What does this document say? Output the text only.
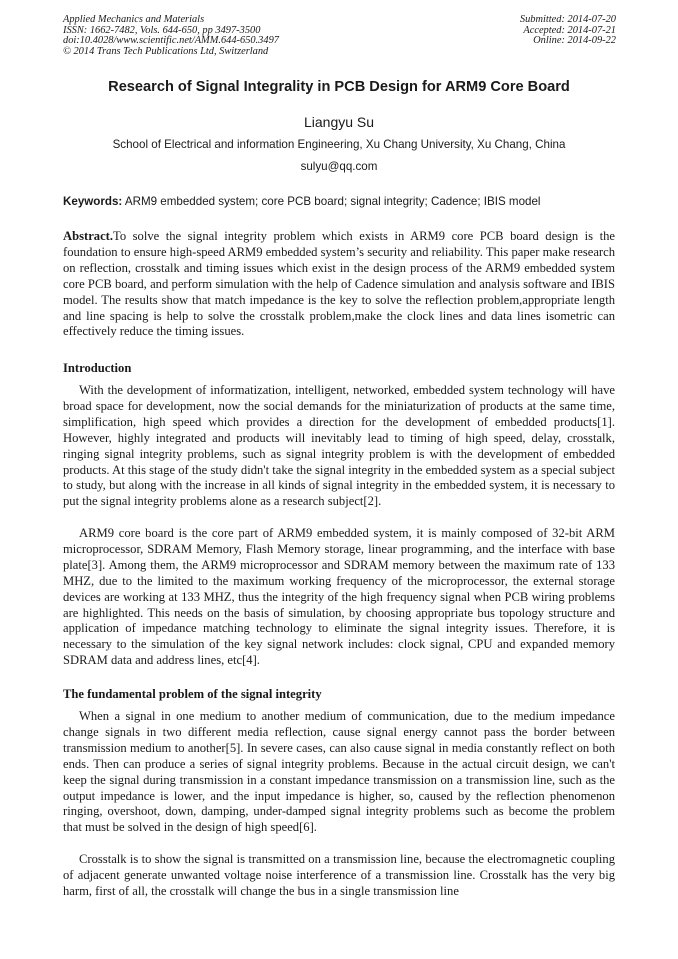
Applied Mechanics and Materials
ISSN: 1662-7482, Vols. 644-650, pp 3497-3500
doi:10.4028/www.scientific.net/AMM.644-650.3497
© 2014 Trans Tech Publications Ltd, Switzerland
Submitted: 2014-07-20
Accepted: 2014-07-21
Online: 2014-09-22
Research of Signal Integrality in PCB Design for ARM9 Core Board
Liangyu Su
School of Electrical and information Engineering, Xu Chang University, Xu Chang, China
sulyu@qq.com
Keywords: ARM9 embedded system; core PCB board; signal integrity; Cadence; IBIS model
Abstract.To solve the signal integrity problem which exists in ARM9 core PCB board design is the foundation to ensure high-speed ARM9 embedded system’s security and reliability. This paper make research on reflection, crosstalk and timing issues which exist in the design process of the ARM9 embedded system core PCB board, and perform simulation with the help of Cadence simulation and analysis software and IBIS model. The results show that match impedance is the key to solve the reflection problem,appropriate length and line spacing is help to solve the crosstalk problem,make the clock lines and data lines isometric can effectively reduce the timing issues.
Introduction
With the development of informatization, intelligent, networked, embedded system technology will have broad space for development, now the social demands for the miniaturization of products at the same time, simplification, high speed which provides a direction for the development of embedded products[1]. However, highly integrated and products will inevitably lead to timing of high speed, delay, crosstalk, ringing signal integrity problems, such as signal integrity problem is with the development of embedded products. At this stage of the study didn't take the signal integrity in the embedded system as a special subject to study, but along with the increase in all kinds of signal integrity in the embedded system, it is necessary to put the signal integrity problems alone as a research subject[2].
ARM9 core board is the core part of ARM9 embedded system, it is mainly composed of 32-bit ARM microprocessor, SDRAM Memory, Flash Memory storage, linear programming, and the interface with base plate[3]. Among them, the ARM9 microprocessor and SDRAM memory between the maximum rate of 133 MHZ, due to the limited to the maximum working frequency of the microprocessor, the external storage devices are working at 133 MHZ, thus the integrity of the high frequency signal when PCB wiring problems are highlighted. This needs on the basis of simulation, by choosing appropriate bus topology structure and application of impedance matching technology to eliminate the signal integrity issues. Therefore, it is necessary to the simulation of the key signal network includes: clock signal, CPU and expanded memory SDRAM data and address lines, etc[4].
The fundamental problem of the signal integrity
When a signal in one medium to another medium of communication, due to the medium impedance change signals in two different media reflection, cause signal energy cannot pass the border between transmission medium to another[5]. In severe cases, can also cause signal in media constantly reflect on both ends. Then can produce a series of signal integrity problems. Because in the actual circuit design, we can't keep the signal during transmission in a constant impedance transmission on a transmission line, such as the output impedance is lower, and the input impedance is higher, so, caused by the reflection phenomenon ringing, overshoot, down, damping, under-damped signal integrity problems such as become the problem that must be solved in the design of high speed[6].
Crosstalk is to show the signal is transmitted on a transmission line, because the electromagnetic coupling of adjacent generate unwanted voltage noise interference of a transmission line. Crosstalk has the very big harm, first of all, the crosstalk will change the bus in a single transmission line
